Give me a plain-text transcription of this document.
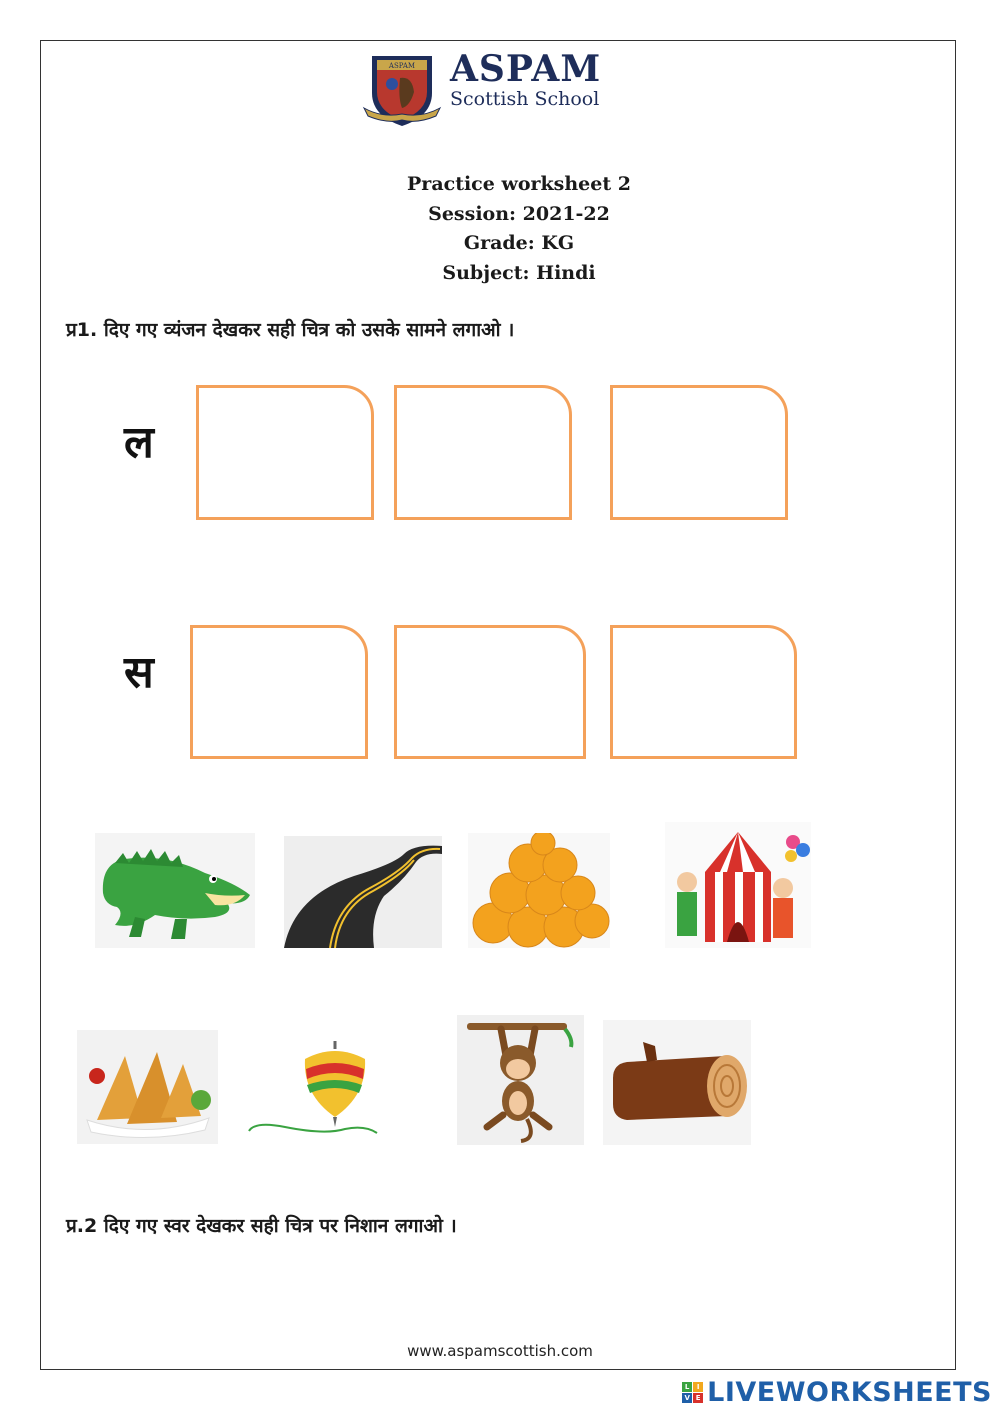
ASPAM ASPAM
Scottish School
Practice worksheet 2
Session: 2021-22
Grade: KG
Subject: Hindi
प्र1. दिए गए व्यंजन देखकर सही चित्र को उसके सामने लगाओ ।
ल
स
प्र.2 दिए गए स्वर देखकर सही चित्र पर निशान लगाओ ।
www.aspamscottish.com
L	I
V E LIVEWORKSHEETS
